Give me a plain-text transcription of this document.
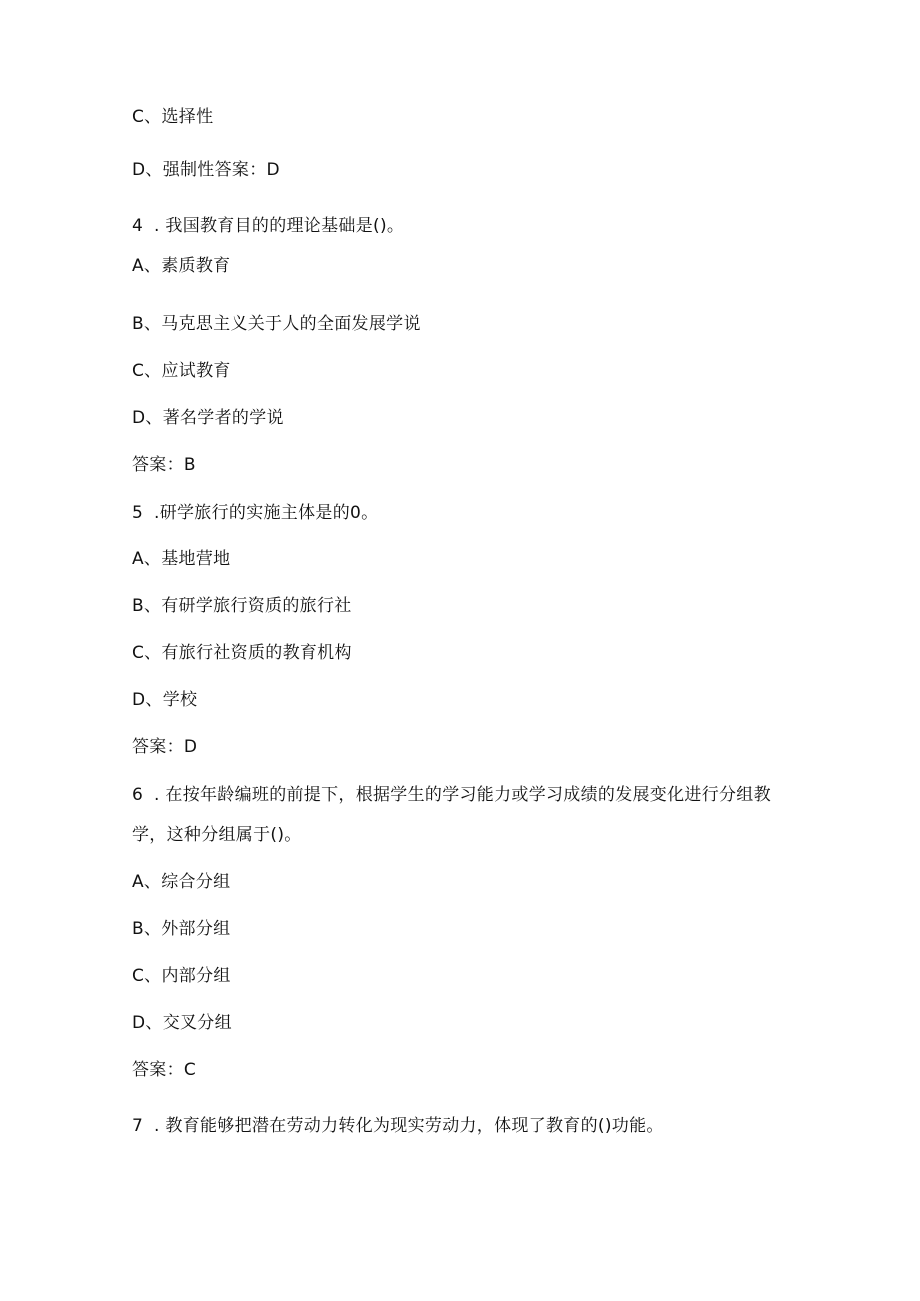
C、选择性
D、强制性答案：D
4 . 我国教育目的的理论基础是()。
A、素质教育
B、马克思主义关于人的全面发展学说
C、应试教育
D、著名学者的学说
答案：B
5 .研学旅行的实施主体是的0。
A、基地营地
B、有研学旅行资质的旅行社
C、有旅行社资质的教育机构
D、学校
答案：D
6 . 在按年龄编班的前提下，根据学生的学习能力或学习成绩的发展变化进行分组教
学，这种分组属于()。
A、综合分组
B、外部分组
C、内部分组
D、交叉分组
答案：C
7 . 教育能够把潜在劳动力转化为现实劳动力，体现了教育的()功能。
